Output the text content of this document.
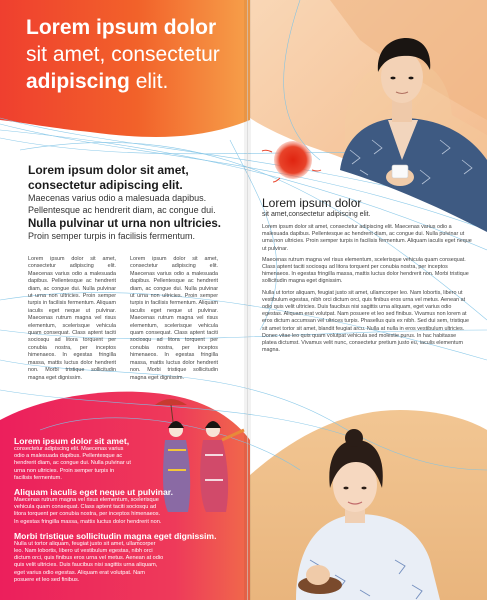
Lorem ipsum dolor
sit amet, consectetur
adipiscing elit.
Lorem ipsum dolor sit amet,
consectetur adipiscing elit.
Maecenas varius odio a malesuada dapibus.
Pellentesque ac hendrerit diam, ac congue dui.
Nulla pulvinar ut urna non ultricies.
Proin semper turpis in facilisis fermentum.
Lorem ipsum dolor sit amet, consectetur adipiscing elit. Maecenas varius odio a malesuada dapibus. Pellentesque ac hendrerit diam, ac congue dui. Nulla pulvinar ut urna non ultricies. Proin semper turpis in facilisis fermentum. Aliquam iaculis eget neque ut pulvinar. Maecenas rutrum magna vel risus elementum, scelerisque vehicula quam consequat. Class aptent taciti sociosqu ad litora torquent per conubia nostra, per inceptos himenaeos. In egestas fringilla massa, mattis luctus dolor hendrerit non. Morbi tristique sollicitudin magna eget dignissim.
Lorem ipsum dolor sit amet, consectetur adipiscing elit. Maecenas varius odio a malesuada dapibus. Pellentesque ac hendrerit diam, ac congue dui. Nulla pulvinar ut urna non ultricies. Proin semper turpis in facilisis fermentum. Aliquam iaculis eget neque ut pulvinar. Maecenas rutrum magna vel risus elementum, scelerisque vehicula quam consequat. Class aptent taciti sociosqu ad litora torquent per conubia nostra, per inceptos himenaeos. In egestas fringilla massa, mattis luctus dolor hendrerit non. Morbi tristique sollicitudin magna eget dignissim.
Lorem ipsum dolor sit amet,
consectetur adipiscing elit. Maecenas varius odio a malesuada dapibus. Pellentesque ac hendrerit diam, ac congue dui. Nulla pulvinar ut urna non ultricies. Proin semper turpis in facilisis fermentum.
Aliquam iaculis eget neque ut pulvinar.
Maecenas rutrum magna vel risus elementum, scelerisque vehicula quam consequat. Class aptent taciti sociosqu ad litora torquent per conubia nostra, per inceptos himenaeos. In egestas fringilla massa, mattis luctus dolor hendrerit non.
Morbi tristique sollicitudin magna eget dignissim.
Nulla ut tortor aliquam, feugiat justo sit amet, ullamcorper leo. Nam lobortis, libero ut vestibulum egestas, nibh orci dictum orci, quis finibus eros urna vel metus. Aenean at odio quis velit ultricies. Duis faucibus nisi sagittis urna aliquam, eget varius odio egestas. Aliquam erat volutpat. Nam posuere et leo sed finibus.
Lorem ipsum dolor
sit amet,consectetur adipiscing elit.

Lorem ipsum dolor sit amet, consectetur adipiscing elit. Maecenas varius odio a malesuada dapibus. Pellentesque ac hendrerit diam, ac congue dui. Nulla pulvinar ut urna non ultricies. Proin semper turpis in facilisis fermentum. Aliquam iaculis eget neque ut pulvinar.

Maecenas rutrum magna vel risus elementum, scelerisque vehicula quam consequat. Class aptent taciti sociosqu ad litora torquent per conubia nostra, per inceptos himenaeos. In egestas fringilla massa, mattis luctus dolor hendrerit non. Morbi tristique sollicitudin magna eget dignissim.

Nulla ut tortor aliquam, feugiat justo sit amet, ullamcorper leo. Nam lobortis, libero ut vestibulum egestas, nibh orci dictum orci, quis finibus eros urna vel metus. Aenean at odio quis velit ultricies. Duis faucibus nisi sagittis urna aliquam, eget varius odio egestas. Aliquam erat volutpat. Nam posuere et leo sed finibus. Vivamus non lorem at eros dictum accumsan vel ultrices turpis. Phasellus quis ex nibh. Sed dui sem, tristique sit amet tortor sit amet, blandit feugiat arcu. Nulla at nulla in eros vestibulum ultricies. Donec vitae leo quis quam volutpat vehicula sed molestie purus. In hac habitasse platea dictumst. Vivamus velit nunc, consectetur pretium justo eu, iaculis elementum magna.
